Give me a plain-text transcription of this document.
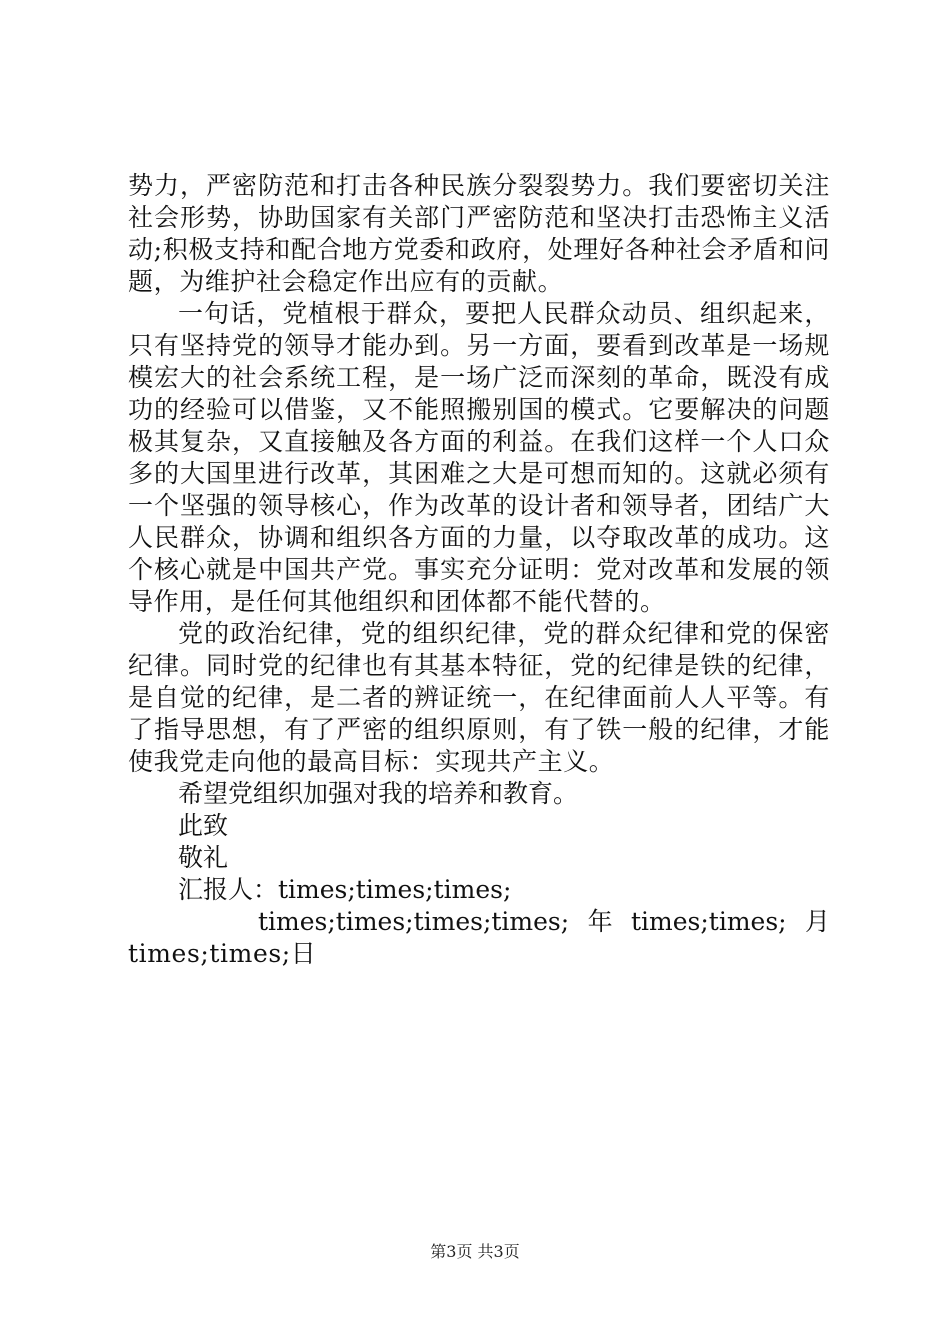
势力，严密防范和打击各种民族分裂裂势力。我们要密切关注社会形势，协助国家有关部门严密防范和坚决打击恐怖主义活动;积极支持和配合地方党委和政府，处理好各种社会矛盾和问题，为维护社会稳定作出应有的贡献。

一句话，党植根于群众，要把人民群众动员、组织起来，只有坚持党的领导才能办到。另一方面，要看到改革是一场规模宏大的社会系统工程，是一场广泛而深刻的革命，既没有成功的经验可以借鉴，又不能照搬别国的模式。它要解决的问题极其复杂，又直接触及各方面的利益。在我们这样一个人口众多的大国里进行改革，其困难之大是可想而知的。这就必须有一个坚强的领导核心，作为改革的设计者和领导者，团结广大人民群众，协调和组织各方面的力量，以夺取改革的成功。这个核心就是中国共产党。事实充分证明：党对改革和发展的领导作用，是任何其他组织和团体都不能代替的。

党的政治纪律，党的组织纪律，党的群众纪律和党的保密纪律。同时党的纪律也有其基本特征，党的纪律是铁的纪律，是自觉的纪律，是二者的辨证统一，在纪律面前人人平等。有了指导思想，有了严密的组织原则，有了铁一般的纪律，才能使我党走向他的最高目标：实现共产主义。

希望党组织加强对我的培养和教育。

此致

敬礼

汇报人：times;times;times;

times;times;times;times; 年 times;times; 月

times;times;日

第3页 共3页
